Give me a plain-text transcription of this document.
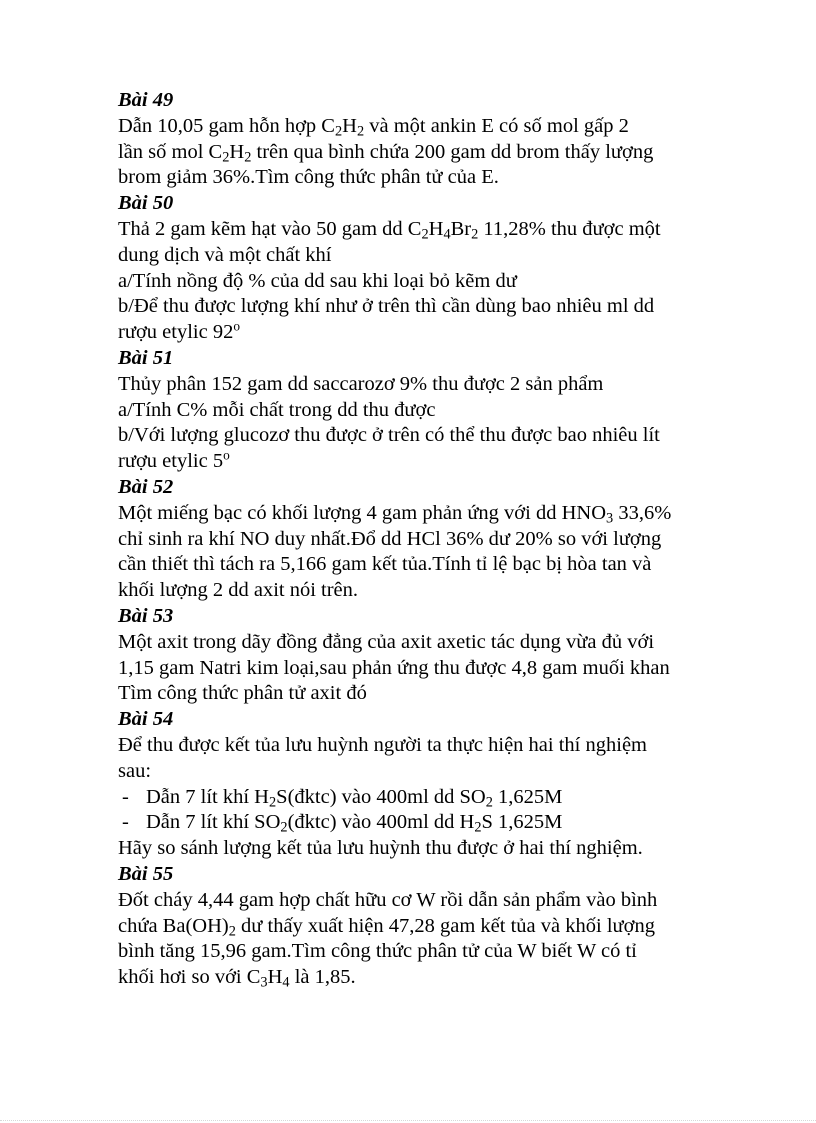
Bài 49
Dẫn 10,05 gam hỗn hợp $C_2H_2$ và một ankin E có số mol gấp 2
lần số mol $C_2H_2$ trên qua bình chứa 200 gam dd brom thấy lượng
brom giảm 36%.Tìm công thức phân tử của E.
Bài 50
Thả 2 gam kẽm hạt vào 50 gam dd $C_2H_4Br_2$ 11,28% thu được một
dung dịch và một chất khí
a/Tính nồng độ % của dd sau khi loại bỏ kẽm dư
b/Để thu được lượng khí như ở trên thì cần dùng bao nhiêu ml dd
rượu etylic 92$^o$
Bài 51
Thủy phân 152 gam dd saccarozơ 9% thu được 2 sản phẩm
a/Tính C% mỗi chất trong dd thu được
b/Với lượng glucozơ thu được ở trên có thể thu được bao nhiêu lít
rượu etylic 5$^o$
Bài 52
Một miếng bạc có khối lượng 4 gam phản ứng với dd $HNO_3$ 33,6%
chỉ sinh ra khí NO duy nhất.Đổ dd HCl 36% dư 20% so với lượng
cần thiết thì tách ra 5,166 gam kết tủa.Tính tỉ lệ bạc bị hòa tan và
khối lượng 2 dd axit nói trên.
Bài 53
Một axit trong dãy đồng đẳng của axit axetic tác dụng vừa đủ với
1,15 gam Natri kim loại,sau phản ứng thu được 4,8 gam muối khan
Tìm công thức phân tử axit đó
Bài 54
Để thu được kết tủa lưu huỳnh người ta thực hiện hai thí nghiệm
sau:
- Dẫn 7 lít khí $H_2S(đktc)$ vào 400ml dd $SO_2$ 1,625M
- Dẫn 7 lít khí $SO_2(đktc)$ vào 400ml dd $H_2S$ 1,625M
Hãy so sánh lượng kết tủa lưu huỳnh thu được ở hai thí nghiệm.
Bài 55
Đốt cháy 4,44 gam hợp chất hữu cơ W rồi dẫn sản phẩm vào bình
chứa $Ba(OH)_2$ dư thấy xuất hiện 47,28 gam kết tủa và khối lượng
bình tăng 15,96 gam.Tìm công thức phân tử của W biết W có tỉ
khối hơi so với $C_3H_4$ là 1,85.
